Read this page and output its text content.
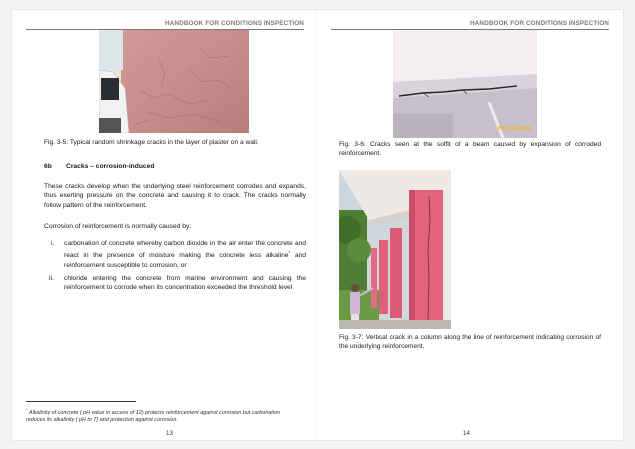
HANDBOOK FOR CONDITIONS INSPECTION
Fig. 3-5: Typical random shrinkage cracks in the layer of plaster on a wall.
6b Cracks – corrosion-induced
These cracks develop when the underlying steel reinforcement corrodes and expands, thus exerting pressure on the concrete and causing it to crack. The cracks normally follow pattern of the reinforcement.
Corrosion of reinforcement is normally caused by:
i. carbonation of concrete whereby carbon dioxide in the air enter the concrete and react in the presence of moisture making the concrete less alkaline* and reinforcement susceptible to corrosion, or
ii. chloride entering the concrete from marine environment and causing the reinforcement to corrode when its concentration exceeded the threshold level
* Alkalinity of concrete ( pH value in access of 12) protects reinforcement against corrosion but carbonation reduces its alkalinity ( pH to 7) and protection against corrosion.
13
HANDBOOK FOR CONDITIONS INSPECTION
08/13/2006
Fig. 3-6: Cracks seen at the soffit of a beam caused by expansion of corroded reinforcement.
Fig. 3-7: Vertical crack in a column along the line of reinforcement indicating corrosion of the underlying reinforcement.
14
